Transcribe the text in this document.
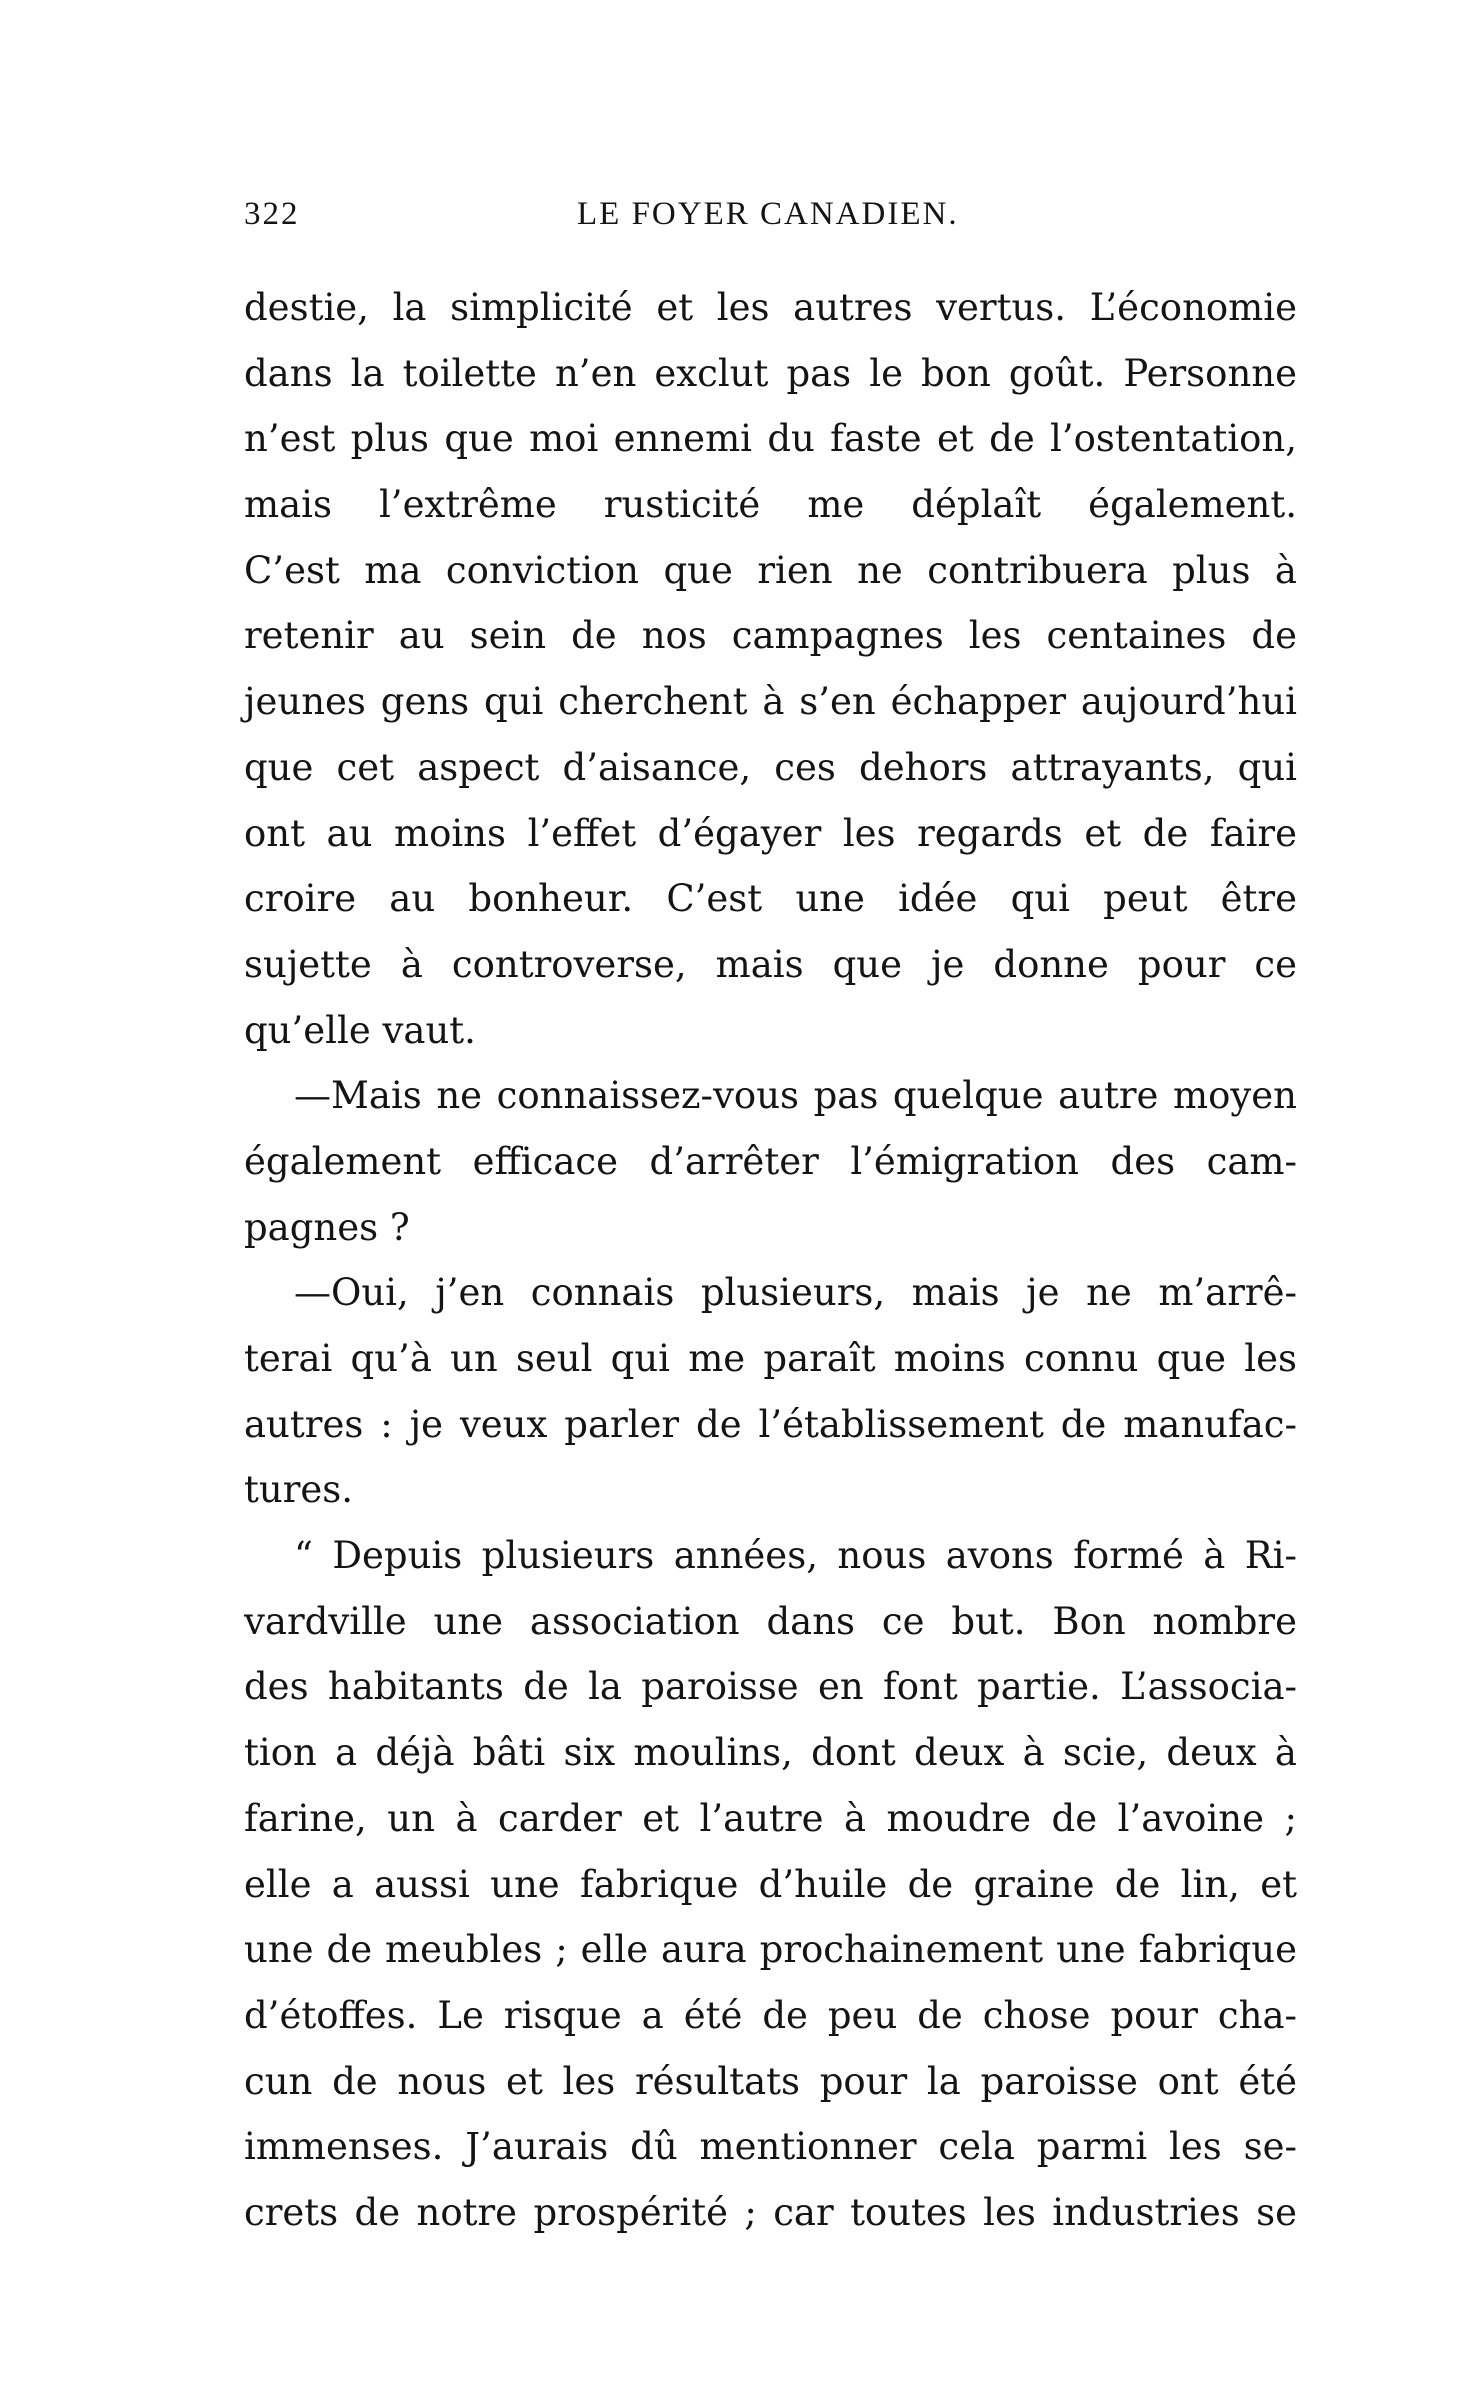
322	LE FOYER CANADIEN.
destie, la simplicité et les autres vertus. L’économie
dans la toilette n’en exclut pas le bon goût. Personne
n’est plus que moi ennemi du faste et de l’ostentation,
mais l’extrême rusticité me déplaît également.
C’est ma conviction que rien ne contribuera plus à
retenir au sein de nos campagnes les centaines de
jeunes gens qui cherchent à s’en échapper aujourd’hui
que cet aspect d’aisance, ces dehors attrayants, qui
ont au moins l’effet d’égayer les regards et de faire
croire au bonheur. C’est une idée qui peut être
sujette à controverse, mais que je donne pour ce
qu’elle vaut.
—Mais ne connaissez-vous pas quelque autre moyen
également efficace d’arrêter l’émigration des cam-
pagnes ?
—Oui, j’en connais plusieurs, mais je ne m’arrê-
terai qu’à un seul qui me paraît moins connu que les
autres : je veux parler de l’établissement de manufac-
tures.
“ Depuis plusieurs années, nous avons formé à Ri-
vardville une association dans ce but. Bon nombre
des habitants de la paroisse en font partie. L’associa-
tion a déjà bâti six moulins, dont deux à scie, deux à
farine, un à carder et l’autre à moudre de l’avoine ;
elle a aussi une fabrique d’huile de graine de lin, et
une de meubles ; elle aura prochainement une fabrique
d’étoffes. Le risque a été de peu de chose pour cha-
cun de nous et les résultats pour la paroisse ont été
immenses. J’aurais dû mentionner cela parmi les se-
crets de notre prospérité ; car toutes les industries se
